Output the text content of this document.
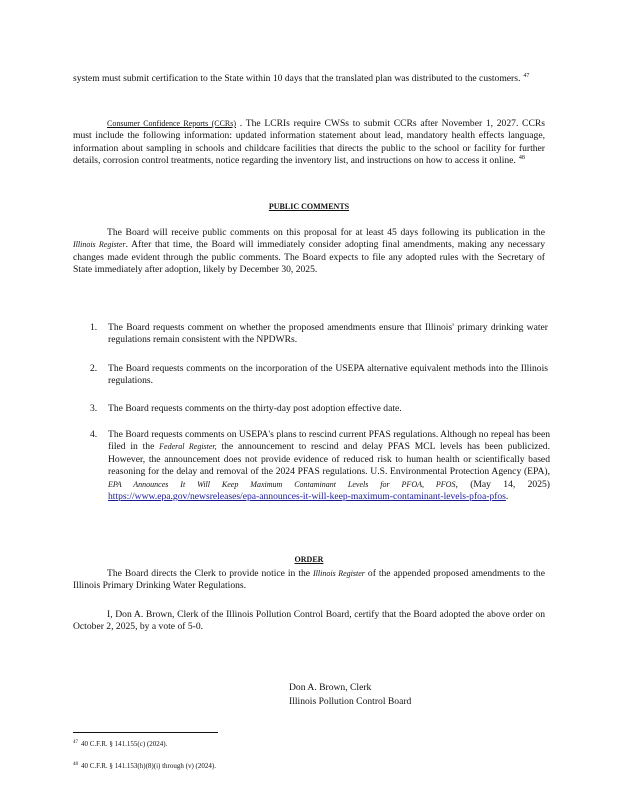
system must submit certification to the State within 10 days that the translated plan was distributed to the customers. $^{47}$

Consumer Confidence Reports (CCRs) . The LCRIs require CWSs to submit CCRs after November 1, 2027. CCRs must include the following information: updated information statement about lead, mandatory health effects language, information about sampling in schools and childcare facilities that directs the public to the school or facility for further details, corrosion control treatments, notice regarding the inventory list, and instructions on how to access it online. $^{48}$

PUBLIC COMMENTS

The Board will receive public comments on this proposal for at least 45 days following its publication in the Illinois Register. After that time, the Board will immediately consider adopting final amendments, making any necessary changes made evident through the public comments. The Board expects to file any adopted rules with the Secretary of State immediately after adoption, likely by December 30, 2025.

1. The Board requests comment on whether the proposed amendments ensure that Illinois' primary drinking water regulations remain consistent with the NPDWRs.
2. The Board requests comments on the incorporation of the USEPA alternative equivalent methods into the Illinois regulations.
3. The Board requests comments on the thirty-day post adoption effective date.
4. The Board requests comments on USEPA's plans to rescind current PFAS regulations. Although no repeal has been filed in the Federal Register, the announcement to rescind and delay PFAS MCL levels has been publicized. However, the announcement does not provide evidence of reduced risk to human health or scientifically based reasoning for the delay and removal of the 2024 PFAS regulations. U.S. Environmental Protection Agency (EPA), EPA Announces It Will Keep Maximum Contaminant Levels for PFOA, PFOS, (May 14, 2025) https://www.epa.gov/newsreleases/epa-announces-it-will-keep-maximum-contaminant-levels-pfoa-pfos.
ORDER

The Board directs the Clerk to provide notice in the Illinois Register of the appended proposed amendments to the Illinois Primary Drinking Water Regulations.

I, Don A. Brown, Clerk of the Illinois Pollution Control Board, certify that the Board adopted the above order on October 2, 2025, by a vote of 5-0.

Don A. Brown, Clerk
Illinois Pollution Control Board
$^{47}$ 40 C.F.R. § 141.155(c) (2024).
$^{48}$ 40 C.F.R. § 141.153(h)(8)(i) through (v) (2024).
